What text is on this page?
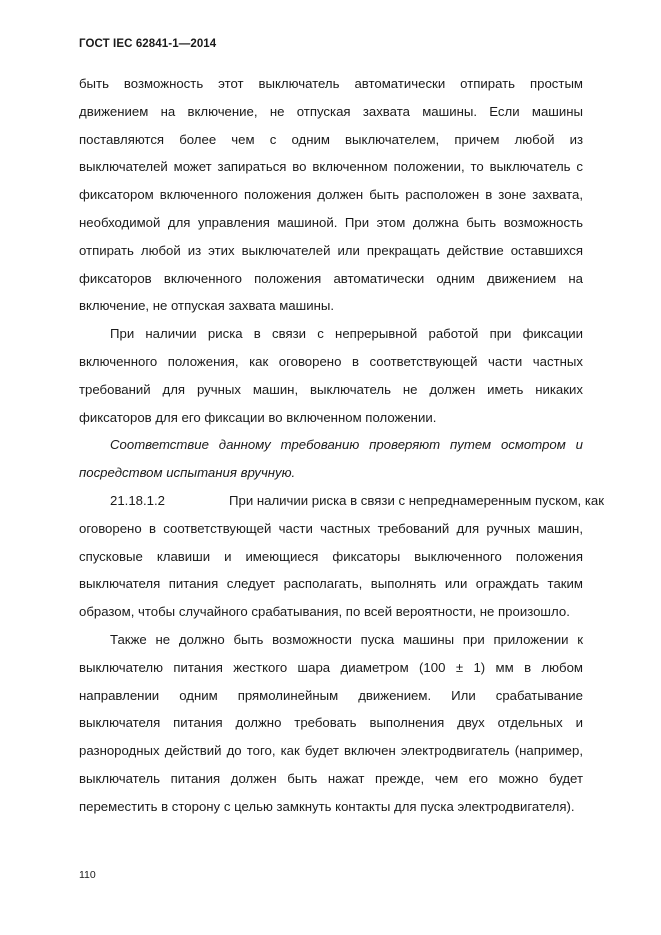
ГОСТ IEC 62841-1—2014
быть возможность этот выключатель автоматически отпирать простым
движением на включение, не отпуская захвата машины. Если машины
поставляются более чем с одним выключателем, причем любой из
выключателей может запираться во включенном положении, то выключатель с
фиксатором включенного положения должен быть расположен в зоне захвата,
необходимой для управления машиной. При этом должна быть возможность
отпирать любой из этих выключателей или прекращать действие оставшихся
фиксаторов включенного положения автоматически одним движением на
включение, не отпуская захвата машины.
При наличии риска в связи с непрерывной работой при фиксации
включенного положения, как оговорено в соответствующей части частных
требований для ручных машин, выключатель не должен иметь никаких
фиксаторов для его фиксации во включенном положении.
Соответствие данному требованию проверяют путем осмотром и
посредством испытания вручную.
21.18.1.2	При наличии риска в связи с непреднамеренным пуском, как
оговорено в соответствующей части частных требований для ручных машин,
спусковые клавиши и имеющиеся фиксаторы выключенного положения
выключателя питания следует располагать, выполнять или ограждать таким
образом, чтобы случайного срабатывания, по всей вероятности, не произошло.
Также не должно быть возможности пуска машины при приложении к
выключателю питания жесткого шара диаметром (100 ± 1) мм в любом
направлении одним прямолинейным движением. Или срабатывание
выключателя питания должно требовать выполнения двух отдельных и
разнородных действий до того, как будет включен электродвигатель (например,
выключатель питания должен быть нажат прежде, чем его можно будет
переместить в сторону с целью замкнуть контакты для пуска электродвигателя).
110
